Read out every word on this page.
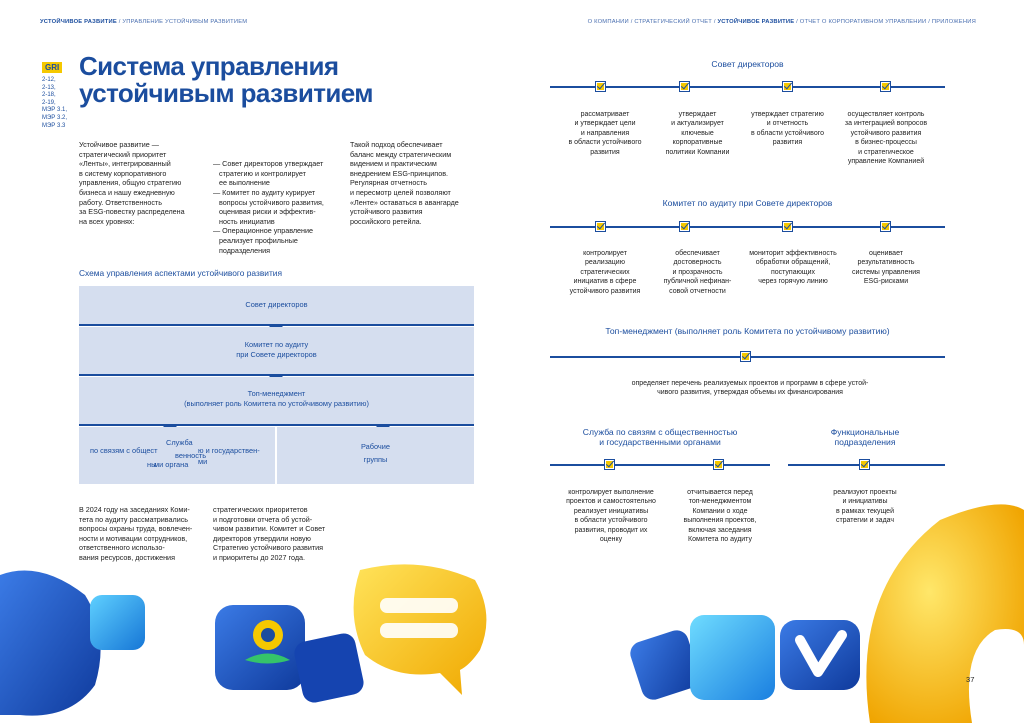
УСТОЙЧИВОЕ РАЗВИТИЕ / УПРАВЛЕНИЕ УСТОЙЧИВЫМ РАЗВИТИЕМ	О КОМПАНИИ / СТРАТЕГИЧЕСКИЙ ОТЧЕТ / УСТОЙЧИВОЕ РАЗВИТИЕ / ОТЧЕТ О КОРПОРАТИВНОМ УПРАВЛЕНИИ / ПРИЛОЖЕНИЯ
GRI
2-12,
2-13,
2-18,
2-19,
МЭР 3.1,
МЭР 3.2,
МЭР 3.3
Система управления
устойчивым развитием
Устойчивое развитие —
стратегический приоритет
«Ленты», интегрированный
в систему корпоративного
управления, общую стратегию
бизнеса и нашу ежедневную
работу. Ответственность
за ESG-повестку распределена
на всех уровнях:

— Совет директоров утверждает
стратегию и контролирует
ее выполнение
— Комитет по аудиту курирует
вопросы устойчивого развития,
оценивая риски и эффектив-
ность инициатив
— Операционное управление
реализует профильные
подразделения

Такой подход обеспечивает
баланс между стратегическим
видением и практическим
внедрением ESG-принципов.
Регулярная отчетность
и пересмотр целей позволяют
«Ленте» оставаться в авангарде
устойчивого развития
российского ретейла.
Схема управления аспектами устойчивого развития

Совет директоров

Комитет по аудиту

при Совете директоров

Топ-менеджмент

(выполняет роль Комитета по устойчивому развитию)

Служба
по связям с общест
венность
ю и государствен-
ны
ми органа ми

Рабочие

группы

В 2024 году на заседаниях Коми-
тета по аудиту рассматривались
вопросы охраны труда, вовлечен-
ности и мотивации сотрудников,
ответственного использо-
вания ресурсов, достижения
стратегических приоритетов
и подготовки отчета об устой-
чивом развитии. Комитет и Совет
директоров утвердили новую
Стратегию устойчивого развития
и приоритеты до 2027 года.
Совет директоров
рассматривает
и утверждает цели
и направления
в области устойчивого
развития
утверждает
и актуализирует
ключевые
корпоративные
политики Компании
утверждает стратегию
и отчетность
в области устойчивого
развития
осуществляет контроль
за интеграцией вопросов
устойчивого развития
в бизнес-процессы
и стратегическое
управление Компанией
Комитет по аудиту при Совете директоров
контролирует
реализацию
стратегических
инициатив в сфере
устойчивого развития
обеспечивает
достоверность
и прозрачность
публичной нефинан-
совой отчетности
мониторит эффективность
обработки обращений,
поступающих
через горячую линию
оценивает
результативность
системы управления
ESG-рисками
Топ-менеджмент (выполняет роль Комитета по устойчивому развитию)
определяет перечень реализуемых проектов и программ в сфере устой-
чивого развития, утверждая объемы их финансирования
Служба по связям с общественностью
и государственными органами
Функциональные
подразделения
контролирует выполнение
проектов и самостоятельно
реализует инициативы
в области устойчивого
развития, проводит их
оценку
отчитывается перед
топ-менеджментом
Компании о ходе
выполнения проектов,
включая заседания
Комитета по аудиту
реализуют проекты
и инициативы
в рамках текущей
стратегии и задач
37
